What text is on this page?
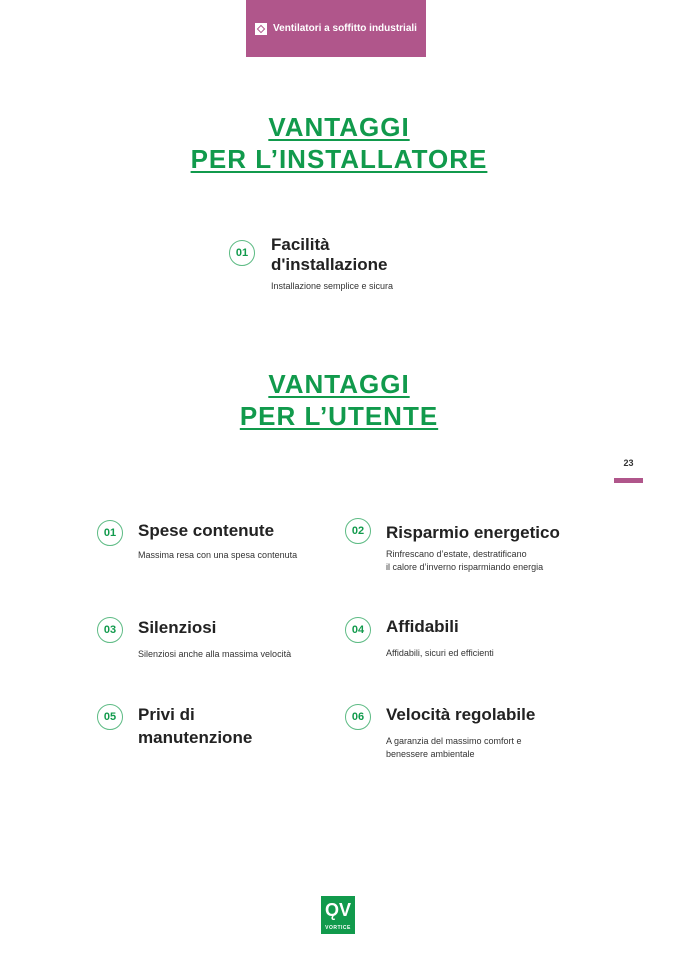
Ventilatori a soffitto industriali
VANTAGGI
PER L’INSTALLATORE
01	Facilità
d'installazione
Installazione semplice e sicura
VANTAGGI
PER L’UTENTE
23
01	Spese contenute
Massima resa con una spesa contenuta
02	Risparmio energetico
Rinfrescano d’estate, destratificano
il calore d’inverno risparmiando energia
03	Silenziosi
Silenziosi anche alla massima velocità
04	Affidabili
Affidabili, sicuri ed efficienti
05	Privi di
manutenzione
06	Velocità regolabile
A garanzia del massimo comfort e
benessere ambientale
ǪV
VORTICE
